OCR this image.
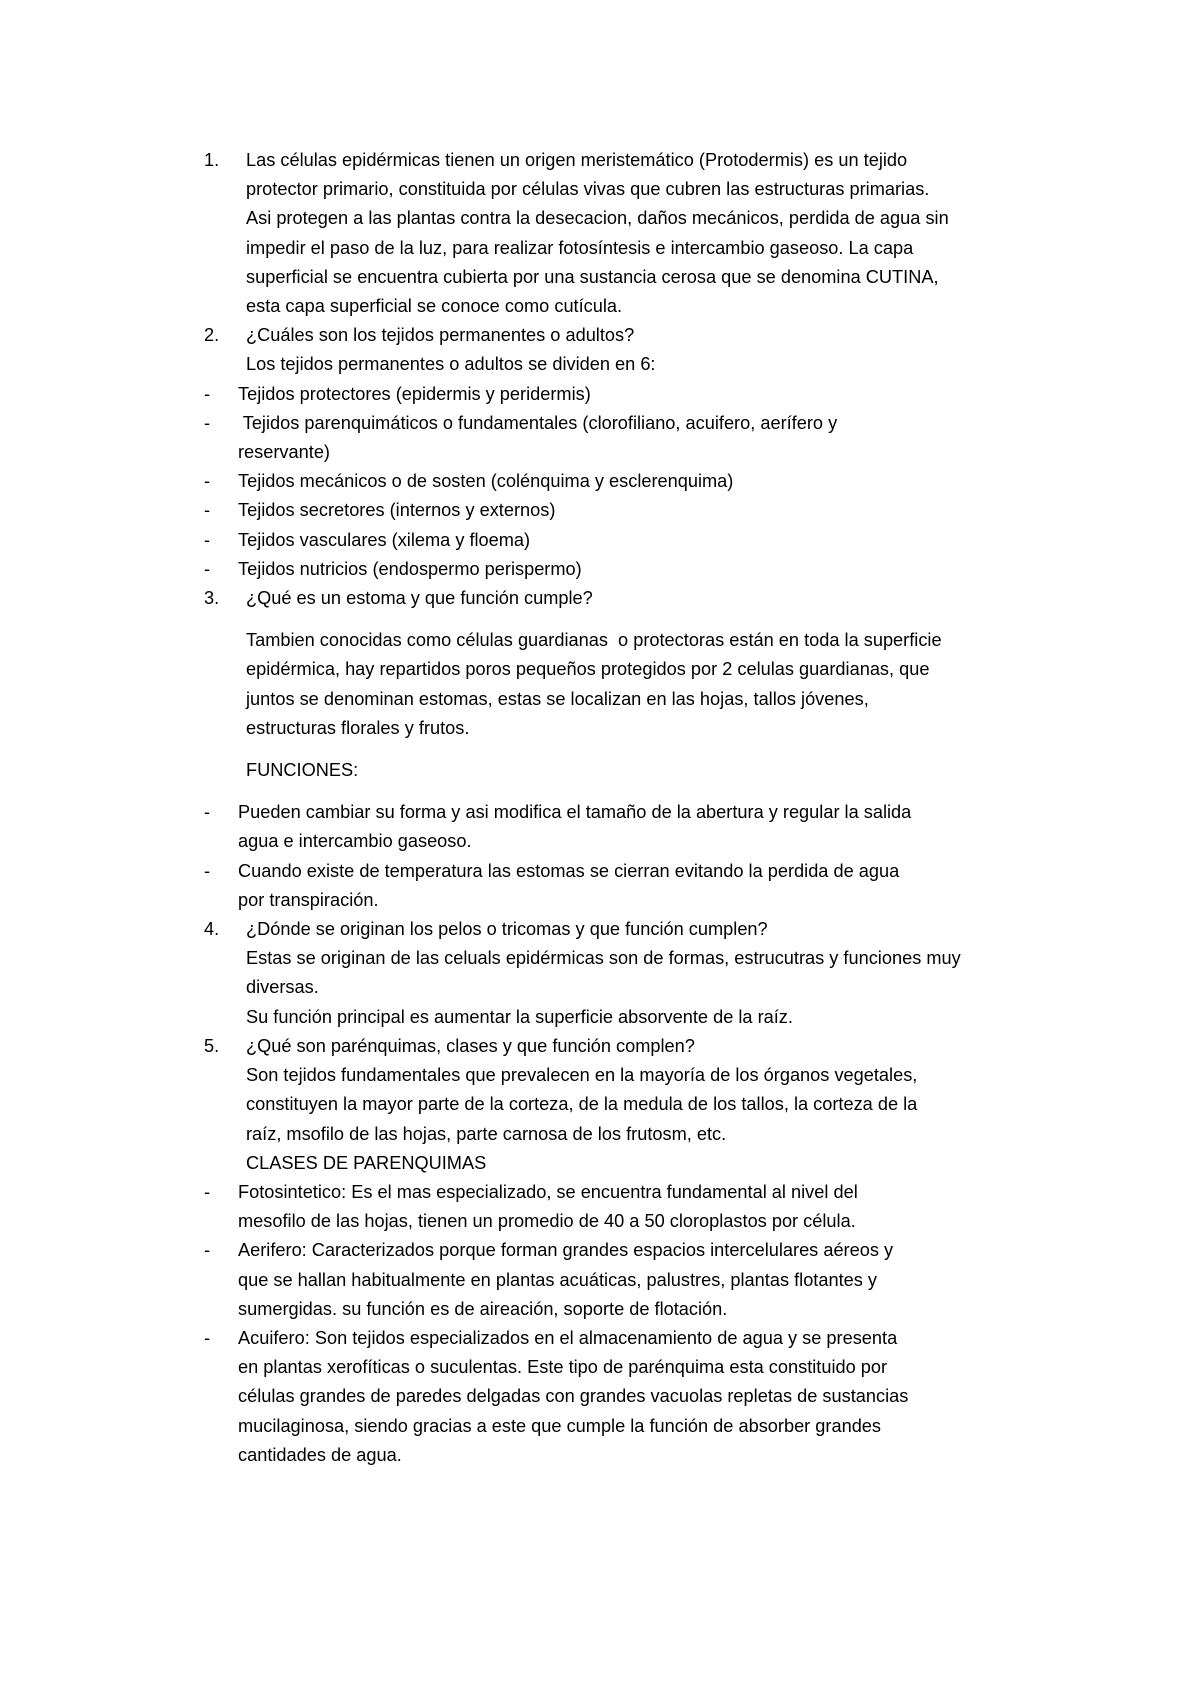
1. Las células epidérmicas tienen un origen meristemático (Protodermis) es un tejido
protector primario, constituida por células vivas que cubren las estructuras primarias.
Asi protegen a las plantas contra la desecacion, daños mecánicos, perdida de agua sin
impedir el paso de la luz, para realizar fotosíntesis e intercambio gaseoso. La capa
superficial se encuentra cubierta por una sustancia cerosa que se denomina CUTINA,
esta capa superficial se conoce como cutícula.
2. ¿Cuáles son los tejidos permanentes o adultos?
Los tejidos permanentes o adultos se dividen en 6:
- Tejidos protectores (epidermis y peridermis)
- Tejidos parenquimáticos o fundamentales (clorofiliano, acuifero, aerífero y
reservante)
- Tejidos mecánicos o de sosten (colénquima y esclerenquima)
- Tejidos secretores (internos y externos)
- Tejidos vasculares (xilema y floema)
- Tejidos nutricios (endospermo perispermo)
3. ¿Qué es un estoma y que función cumple?
Tambien conocidas como células guardianas  o protectoras están en toda la superficie
epidérmica, hay repartidos poros pequeños protegidos por 2 celulas guardianas, que
juntos se denominan estomas, estas se localizan en las hojas, tallos jóvenes,
estructuras florales y frutos.
FUNCIONES:
- Pueden cambiar su forma y asi modifica el tamaño de la abertura y regular la salida
agua e intercambio gaseoso.
- Cuando existe de temperatura las estomas se cierran evitando la perdida de agua
por transpiración.
4. ¿Dónde se originan los pelos o tricomas y que función cumplen?
Estas se originan de las celuals epidérmicas son de formas, estrucutras y funciones muy
diversas.
Su función principal es aumentar la superficie absorvente de la raíz.
5. ¿Qué son parénquimas, clases y que función complen?
Son tejidos fundamentales que prevalecen en la mayoría de los órganos vegetales,
constituyen la mayor parte de la corteza, de la medula de los tallos, la corteza de la
raíz, msofilo de las hojas, parte carnosa de los frutosm, etc.
CLASES DE PARENQUIMAS
- Fotosintetico: Es el mas especializado, se encuentra fundamental al nivel del
mesofilo de las hojas, tienen un promedio de 40 a 50 cloroplastos por célula.
- Aerifero: Caracterizados porque forman grandes espacios intercelulares aéreos y
que se hallan habitualmente en plantas acuáticas, palustres, plantas flotantes y
sumergidas. su función es de aireación, soporte de flotación.
- Acuifero: Son tejidos especializados en el almacenamiento de agua y se presenta
en plantas xerofíticas o suculentas. Este tipo de parénquima esta constituido por
células grandes de paredes delgadas con grandes vacuolas repletas de sustancias
mucilaginosa, siendo gracias a este que cumple la función de absorber grandes
cantidades de agua.
